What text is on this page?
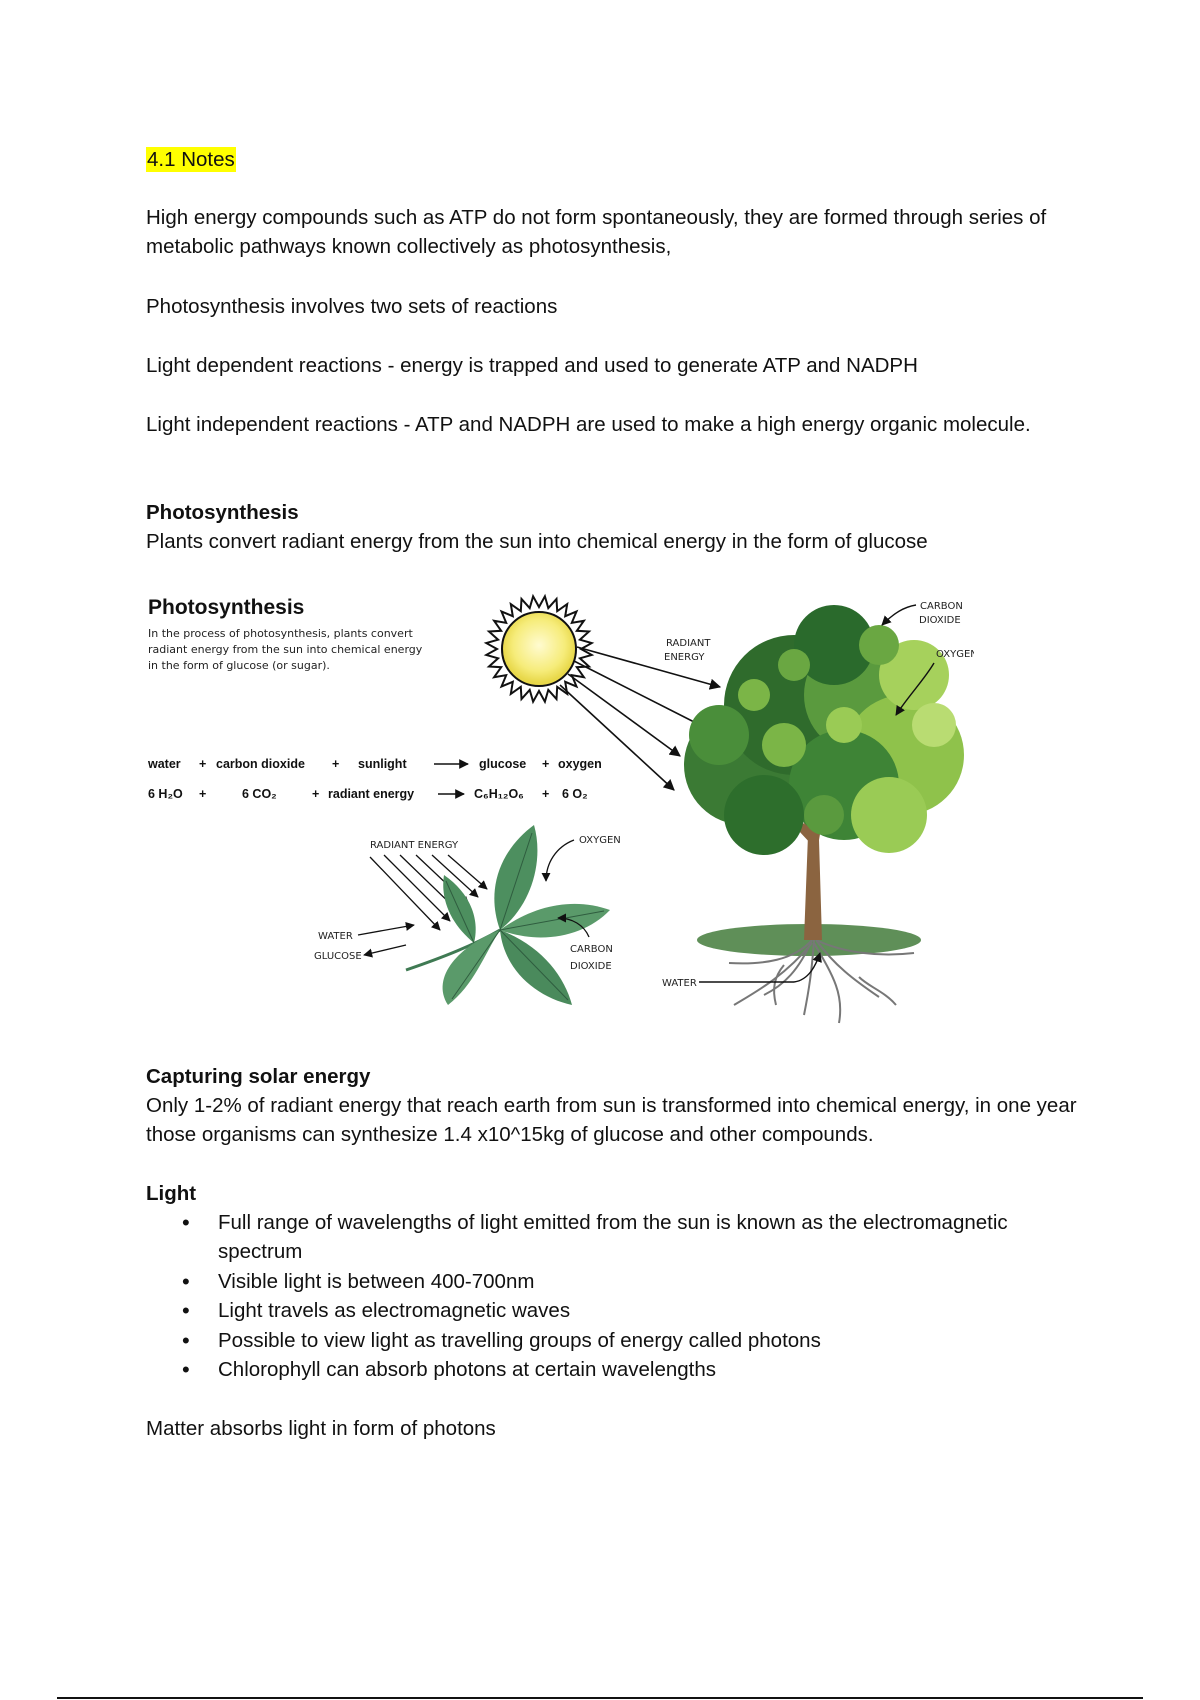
4.1 Notes
High energy compounds such as ATP do not form spontaneously, they are formed through series of metabolic pathways known collectively as photosynthesis,
Photosynthesis involves two sets of reactions
Light dependent reactions - energy is trapped and used to generate ATP and NADPH
Light independent reactions - ATP and NADPH are used to make a high energy organic molecule.
Photosynthesis
Plants convert radiant energy from the sun into chemical energy in the form of glucose
Photosynthesis
In the process of photosynthesis, plants convert
radiant energy from the sun into chemical energy
in the form of glucose (or sugar).
RADIANT
ENERGY
water + carbon dioxide + sunlight	glucose + oxygen
6 H₂O +	6 CO₂	+ radiant energy	C₆H₁₂O₆ + 6 O₂
CARBON
DIOXIDE
OXYGEN
WATER
RADIANT ENERGY	OXYGEN
CARBON
DIOXIDE
WATER
GLUCOSE
Capturing solar energy
Only 1-2% of radiant energy that reach earth from sun is transformed into chemical energy, in one year those organisms can synthesize 1.4 x10^15kg of glucose and other compounds.
Light
• Full range of wavelengths of light emitted from the sun is known as the electromagnetic spectrum
• Visible light is between 400-700nm
• Light travels as electromagnetic waves
• Possible to view light as travelling groups of energy called photons
• Chlorophyll can absorb photons at certain wavelengths
Matter absorbs light in form of photons
